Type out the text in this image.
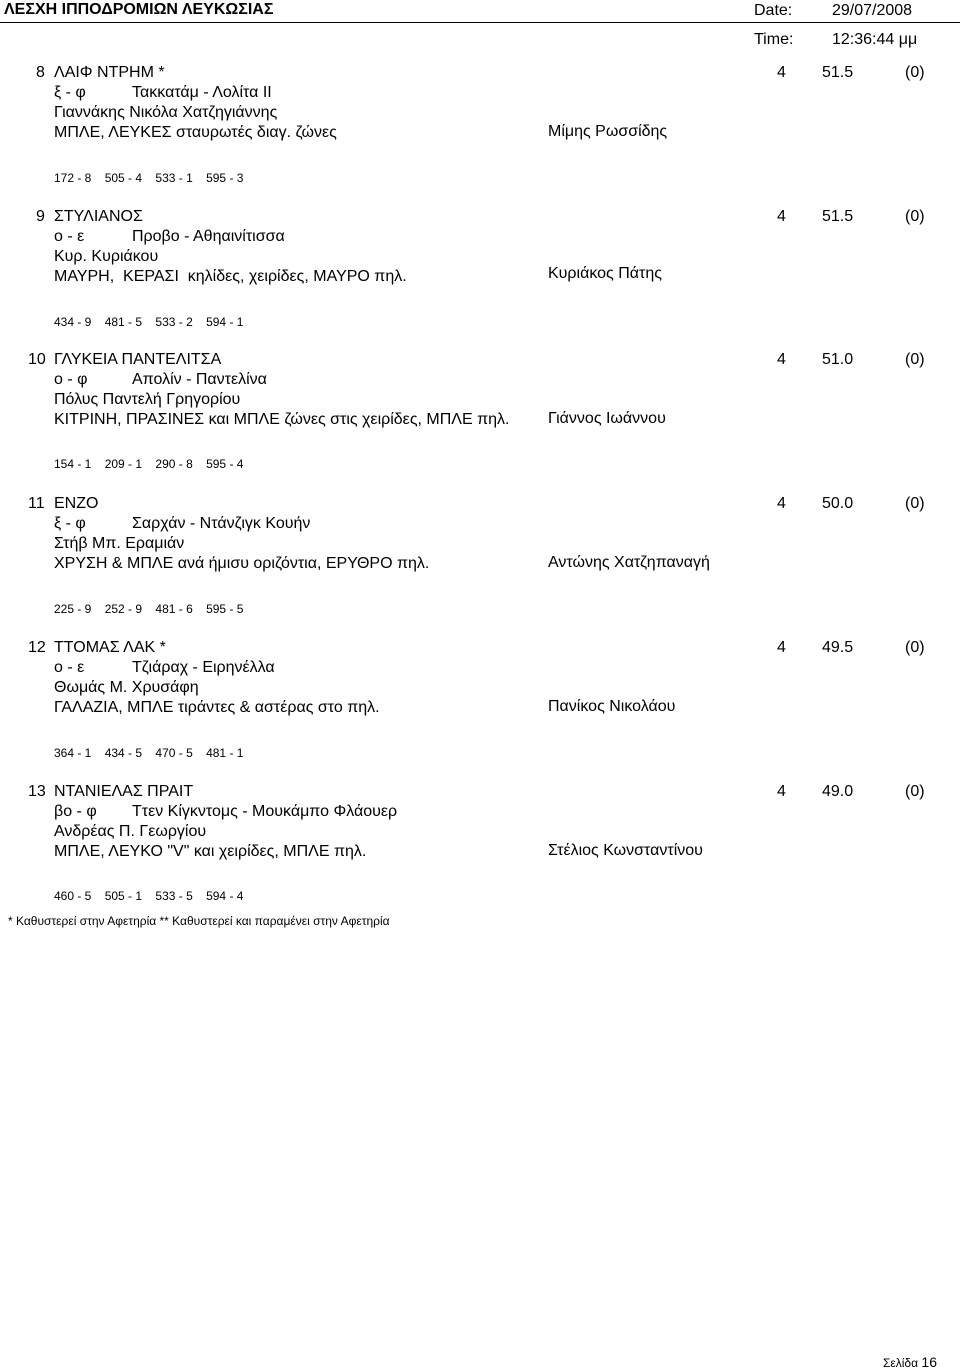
ΛΕΣΧΗ ΙΠΠΟΔΡΟΜΙΩΝ ΛΕΥΚΩΣΙΑΣ	Date: 29/07/2008
Time: 12:36:44 μμ
8 ΛΑΙΦ ΝΤΡΗΜ *
ξ - φ	Τακκατάμ - Λολίτα ΙΙ
Γιαννάκης Νικόλα Χατζηγιάννης
ΜΠΛΕ, ΛΕΥΚΕΣ σταυρωτές διαγ. ζώνες
4 51.5	(0)
Μίμης Ρωσσίδης
172 - 8    505 - 4    533 - 1    595 - 3
9 ΣΤΥΛΙΑΝΟΣ
ο - ε	Προβο - Αθηαινίτισσα
Κυρ. Κυριάκου
ΜΑΥΡΗ,  ΚΕΡΑΣΙ  κηλίδες, χειρίδες, ΜΑΥΡΟ πηλ.
4 51.5	(0)
Κυριάκος Πάτης
434 - 9    481 - 5    533 - 2    594 - 1
10 ΓΛΥΚΕΙΑ ΠΑΝΤΕΛΙΤΣΑ
ο - φ	Απολίν - Παντελίνα
Πόλυς Παντελή Γρηγορίου
ΚΙΤΡΙΝΗ, ΠΡΑΣΙΝΕΣ και ΜΠΛΕ ζώνες στις χειρίδες, ΜΠΛΕ πηλ.
4 51.0	(0)
Γιάννος Ιωάννου
154 - 1    209 - 1    290 - 8    595 - 4
11 ΕΝΖΟ
ξ - φ	Σαρχάν - Ντάνζιγκ Κουήν
Στήβ Μπ. Εραμιάν
ΧΡΥΣΗ & ΜΠΛΕ ανά ήμισυ οριζόντια, ΕΡΥΘΡΟ πηλ.
4 50.0	(0)
Αντώνης Χατζηπαναγή
225 - 9    252 - 9    481 - 6    595 - 5
12 ΤΤΟΜΑΣ ΛΑΚ *
ο - ε	Τζιάραχ - Ειρηνέλλα
Θωμάς Μ. Χρυσάφη
ΓΑΛΑΖΙΑ, ΜΠΛΕ τιράντες & αστέρας στο πηλ.
4 49.5	(0)
Πανίκος Νικολάου
364 - 1    434 - 5    470 - 5    481 - 1
13 ΝΤΑΝΙΕΛΑΣ ΠΡΑΙΤ
βο - φ Ττεν Κίγκντομς - Μουκάμπο Φλάουερ
Ανδρέας Π. Γεωργίου
ΜΠΛΕ, ΛΕΥΚΟ "V" και χειρίδες, ΜΠΛΕ πηλ.
4 49.0	(0)
Στέλιος Κωνσταντίνου
460 - 5    505 - 1    533 - 5    594 - 4
* Καθυστερεί στην Αφετηρία ** Καθυστερεί και παραμένει στην Αφετηρία
Σελίδα 16
